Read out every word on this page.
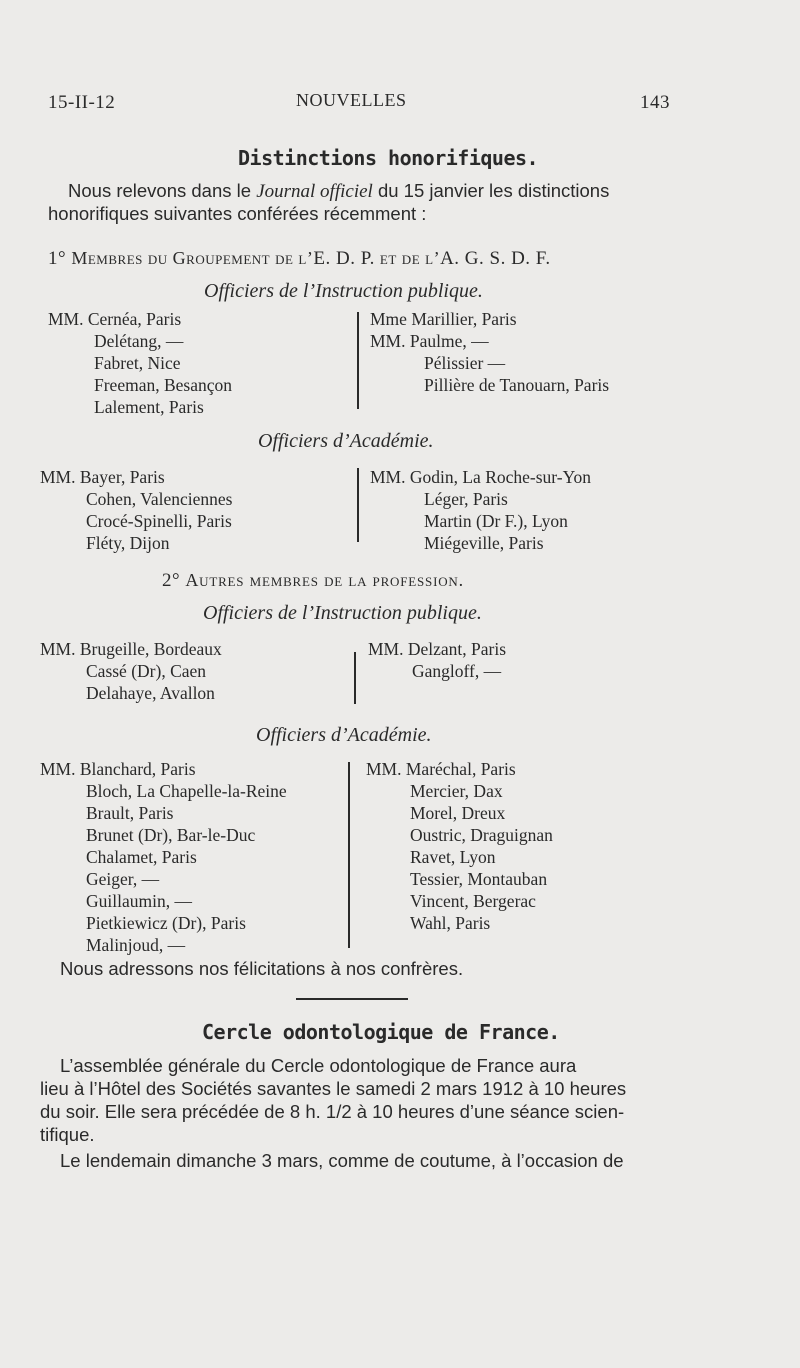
15-II-12	NOUVELLES	143
Distinctions honorifiques.
Nous relevons dans le Journal officiel du 15 janvier les distinctions
honorifiques suivantes conférées récemment :
1° Membres du Groupement de l’E. D. P. et de l’A. G. S. D. F.
Officiers de l’Instruction publique.
MM. Cernéa, Paris
Delétang, —
Fabret, Nice
Freeman, Besançon
Lalement, Paris
Mme Marillier, Paris
MM. Paulme, —
Pélissier —
Pillière de Tanouarn, Paris
Officiers d’Académie.
MM. Bayer, Paris
Cohen, Valenciennes
Crocé-Spinelli, Paris
Fléty, Dijon
MM. Godin, La Roche-sur-Yon
Léger, Paris
Martin (Dr F.), Lyon
Miégeville, Paris
2° Autres membres de la profession.
Officiers de l’Instruction publique.
MM. Brugeille, Bordeaux
Cassé (Dr), Caen
Delahaye, Avallon
MM. Delzant, Paris
Gangloff, —
Officiers d’Académie.
MM. Blanchard, Paris
Bloch, La Chapelle-la-Reine
Brault, Paris
Brunet (Dr), Bar-le-Duc
Chalamet, Paris
Geiger, —
Guillaumin, —
Pietkiewicz (Dr), Paris
Malinjoud, —
MM. Maréchal, Paris
Mercier, Dax
Morel, Dreux
Oustric, Draguignan
Ravet, Lyon
Tessier, Montauban
Vincent, Bergerac
Wahl, Paris
Nous adressons nos félicitations à nos confrères.
Cercle odontologique de France.
L’assemblée générale du Cercle odontologique de France aura
lieu à l’Hôtel des Sociétés savantes le samedi 2 mars 1912 à 10 heures
du soir. Elle sera précédée de 8 h. 1/2 à 10 heures d’une séance scien-
tifique.
Le lendemain dimanche 3 mars, comme de coutume, à l’occasion de
